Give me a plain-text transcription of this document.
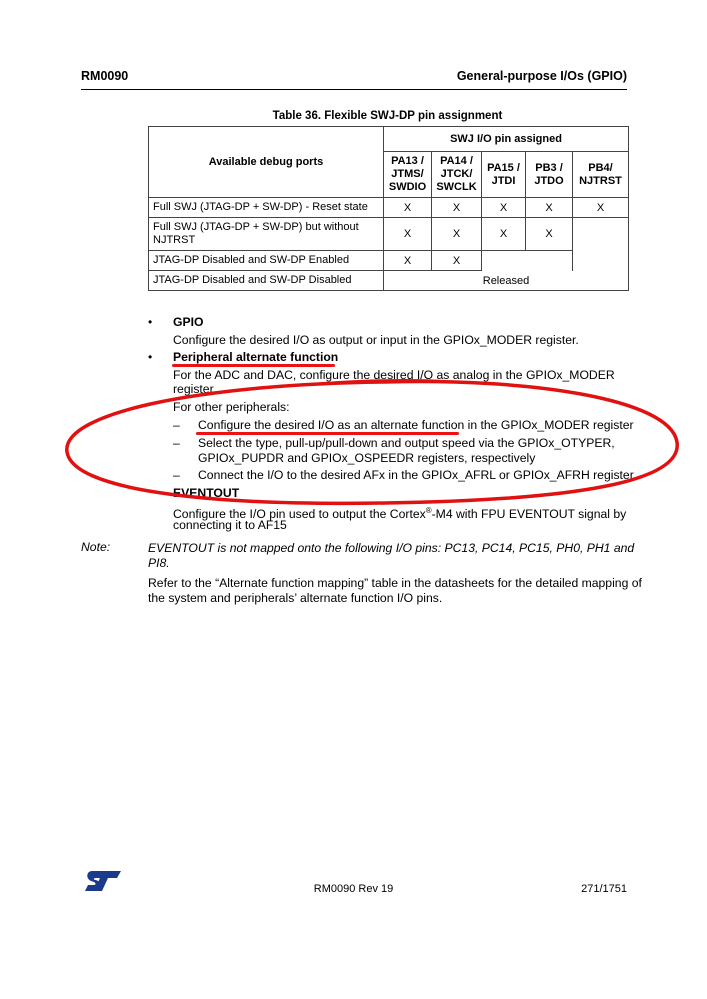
RM0090	General-purpose I/Os (GPIO)
Table 36. Flexible SWJ-DP pin assignment
Available debug ports	SWJ I/O pin assigned				
	PA13 /
JTMS/
SWDIO	PA14 /
JTCK/
SWCLK	PA15 /
JTDI	PB3 /
JTDO	PB4/
NJTRST
Full SWJ (JTAG-DP + SW-DP) - Reset state	X	X	X	X	X
Full SWJ (JTAG-DP + SW-DP) but without NJTRST	X	X	X	X	
JTAG-DP Disabled and SW-DP Enabled	X	X			
JTAG-DP Disabled and SW-DP Disabled	Released				
• GPIO
Configure the desired I/O as output or input in the GPIOx_MODER register.
• Peripheral alternate function
For the ADC and DAC, configure the desired I/O as analog in the GPIOx_MODER
register.
For other peripherals:
– Configure the desired I/O as an alternate function in the GPIOx_MODER register
– Select the type, pull-up/pull-down and output speed via the GPIOx_OTYPER,
GPIOx_PUPDR and GPIOx_OSPEEDR registers, respectively
– Connect the I/O to the desired AFx in the GPIOx_AFRL or GPIOx_AFRH register
EVENTOUT
Configure the I/O pin used to output the Cortex®-M4 with FPU EVENTOUT signal by
connecting it to AF15
Note:	EVENTOUT is not mapped onto the following I/O pins: PC13, PC14, PC15, PH0, PH1 and
PI8.
Refer to the “Alternate function mapping” table in the datasheets for the detailed mapping of
the system and peripherals’ alternate function I/O pins.
RM0090 Rev 19	271/1751
